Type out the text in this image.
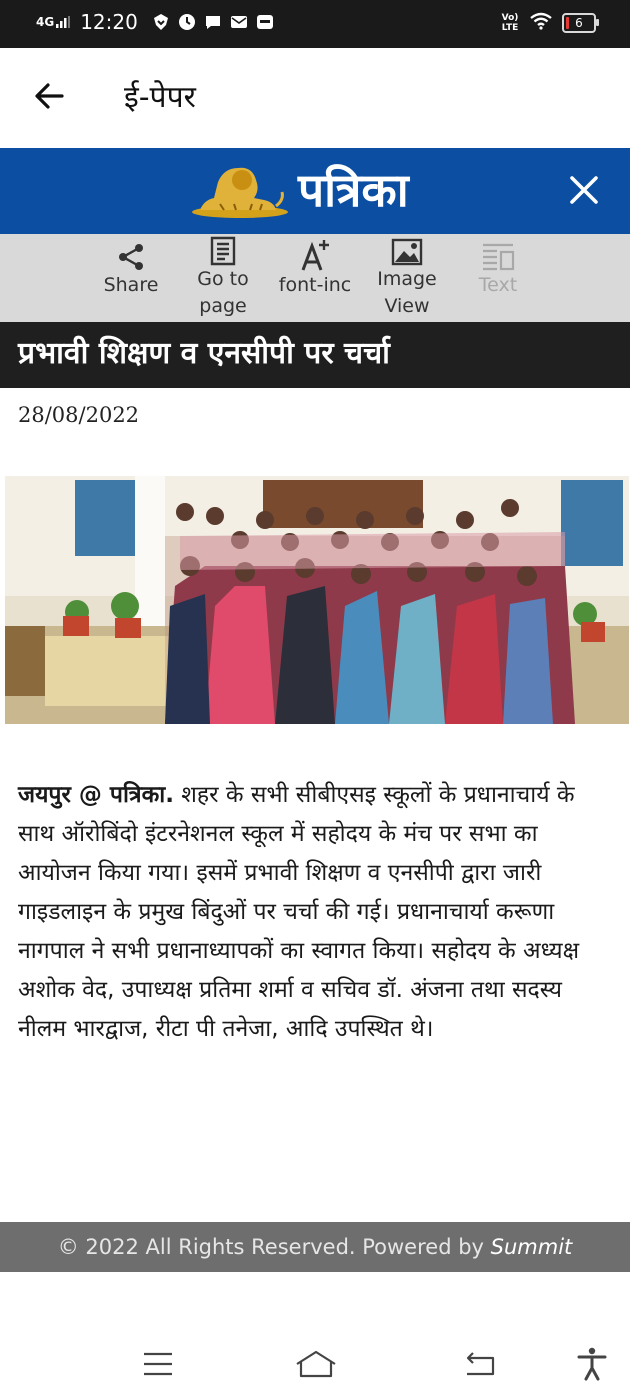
4G 12:20	Vo) LTE	6
ई-पेपर
पत्रिका
Share	Go to page
font-inc Image View
Text
प्रभावी शिक्षण व एनसीपी पर चर्चा
28/08/2022
जयपुर @ पत्रिका. शहर के सभी सीबीएसइ स्कूलों के प्रधानाचार्य के साथ ऑरोबिंदो इंटरनेशनल स्कूल में सहोदय के मंच पर सभा का आयोजन किया गया। इसमें प्रभावी शिक्षण व एनसीपी द्वारा जारी गाइडलाइन के प्रमुख बिंदुओं पर चर्चा की गई। प्रधानाचार्या करूणा नागपाल ने सभी प्रधानाध्यापकों का स्वागत किया। सहोदय के अध्यक्ष अशोक वेद, उपाध्यक्ष प्रतिमा शर्मा व सचिव डॉ. अंजना तथा सदस्य नीलम भारद्वाज, रीटा पी तनेजा, आदि उपस्थित थे।
© 2022 All Rights Reserved. Powered by Summit
